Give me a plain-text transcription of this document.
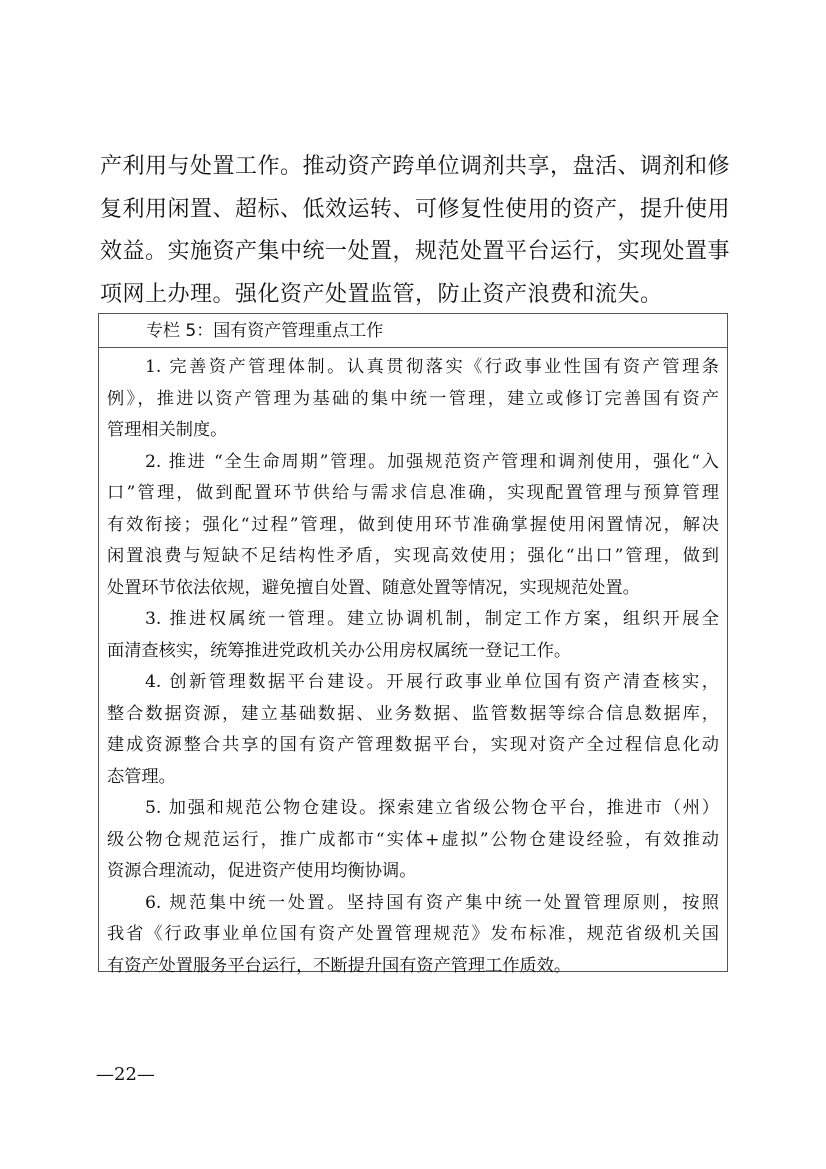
产利用与处置工作。推动资产跨单位调剂共享，盘活、调剂和修
复利用闲置、超标、低效运转、可修复性使用的资产，提升使用
效益。实施资产集中统一处置，规范处置平台运行，实现处置事
项网上办理。强化资产处置监管，防止资产浪费和流失。
专栏 5：国有资产管理重点工作
1. 完善资产管理体制。认真贯彻落实《行政事业性国有资产管理条
例》，推进以资产管理为基础的集中统一管理，建立或修订完善国有资产
管理相关制度。
2. 推进 “全生命周期”管理。加强规范资产管理和调剂使用，强化“入
口”管理，做到配置环节供给与需求信息准确，实现配置管理与预算管理
有效衔接；强化“过程”管理，做到使用环节准确掌握使用闲置情况，解决
闲置浪费与短缺不足结构性矛盾，实现高效使用；强化“出口”管理，做到
处置环节依法依规，避免擅自处置、随意处置等情况，实现规范处置。
3. 推进权属统一管理。建立协调机制，制定工作方案，组织开展全
面清查核实，统筹推进党政机关办公用房权属统一登记工作。
4. 创新管理数据平台建设。开展行政事业单位国有资产清查核实，
整合数据资源，建立基础数据、业务数据、监管数据等综合信息数据库，
建成资源整合共享的国有资产管理数据平台，实现对资产全过程信息化动
态管理。
5. 加强和规范公物仓建设。探索建立省级公物仓平台，推进市（州）
级公物仓规范运行，推广成都市“实体+虚拟”公物仓建设经验，有效推动
资源合理流动，促进资产使用均衡协调。
6. 规范集中统一处置。坚持国有资产集中统一处置管理原则，按照
我省《行政事业单位国有资产处置管理规范》发布标准，规范省级机关国
有资产处置服务平台运行，不断提升国有资产管理工作质效。
—22—
